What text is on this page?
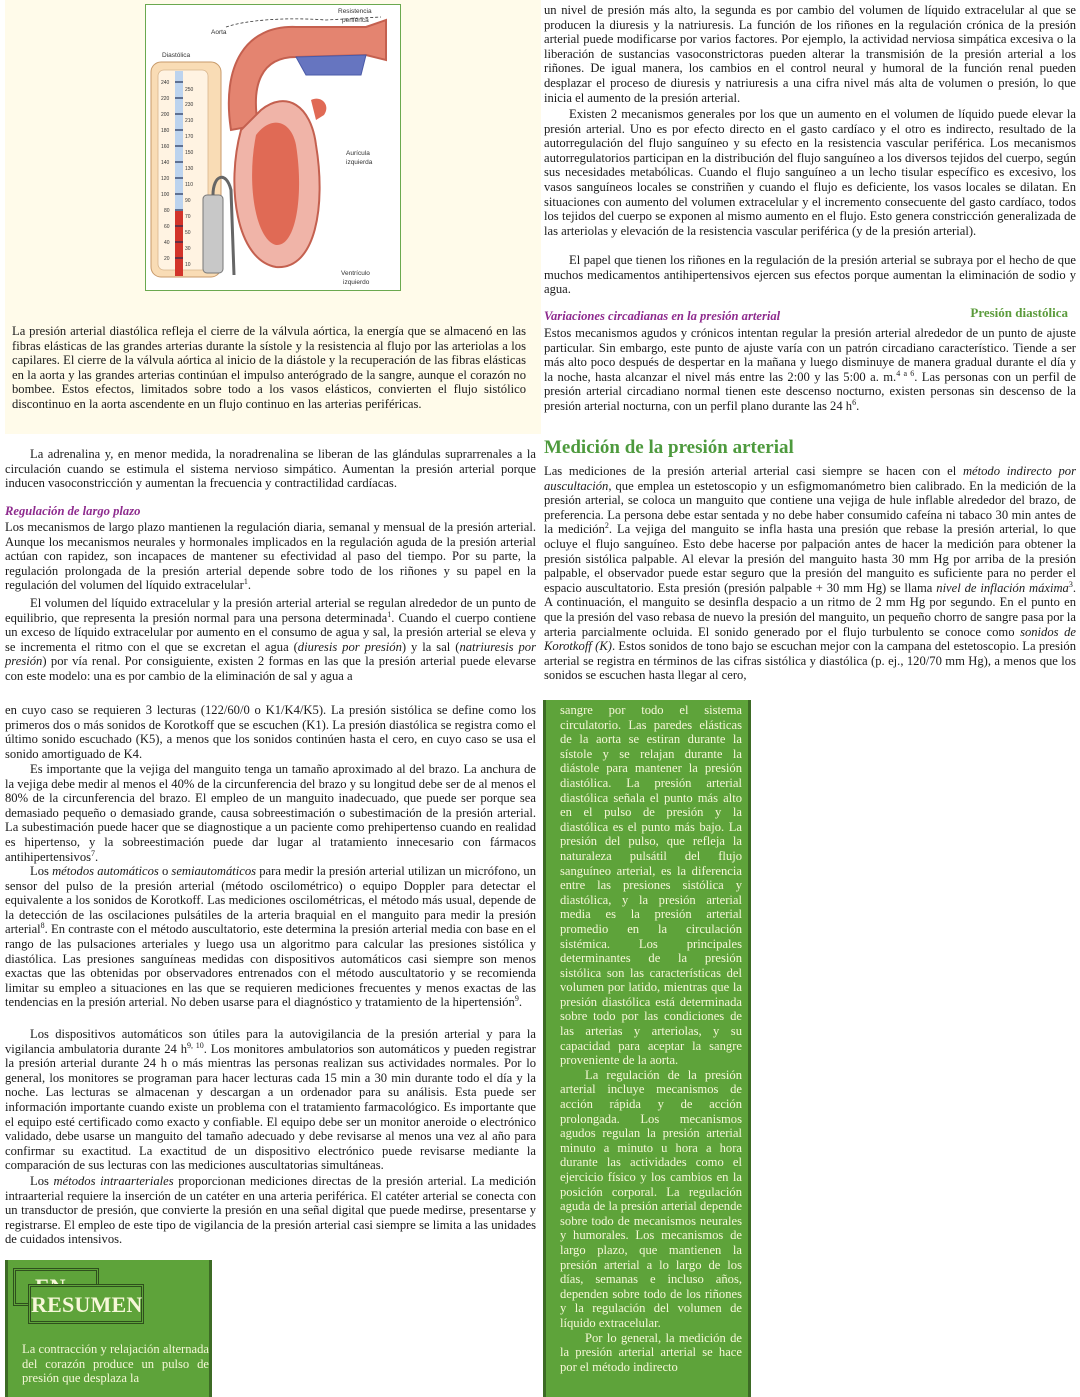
Aorta
Resistencia
periférica
Diastólica
Aurícula
izquierda
Ventrículo
izquierdo
240
220
200
180
160
140
120
100
80
60
40
20
250
230
210
170
150
130
110
90
70
50
30
10
Presión diastólica

La presión arterial diastólica refleja el cierre de la válvula aórtica, la energía que se almacenó en las fibras elásticas de las grandes arterias durante la sístole y la resistencia al flujo por las arteriolas a los capilares. El cierre de la válvula aórtica al inicio de la diástole y la recuperación de las fibras elásticas en la aorta y las grandes arterias continúan el impulso anterógrado de la sangre, aunque el corazón no bombee. Estos efectos, limitados sobre todo a los vasos elásticos, convierten el flujo sistólico discontinuo en la aorta ascendente en un flujo continuo en las arterias periféricas.

La adrenalina y, en menor medida, la noradrenalina se liberan de las glándulas suprarrenales a la circulación cuando se estimula el sistema nervioso simpático. Aumentan la presión arterial porque inducen vasoconstricción y aumentan la frecuencia y contractilidad cardíacas.

Regulación de largo plazo

Los mecanismos de largo plazo mantienen la regulación diaria, semanal y mensual de la presión arterial. Aunque los mecanismos neurales y hormonales implicados en la regulación aguda de la presión arterial actúan con rapidez, son incapaces de mantener su efectividad al paso del tiempo. Por su parte, la regulación prolongada de la presión arterial depende sobre todo de los riñones y su papel en la regulación del volumen del líquido extracelular$^1$.

El volumen del líquido extracelular y la presión arterial arterial se regulan alrededor de un punto de equilibrio, que representa la presión normal para una persona determinada$^1$. Cuando el cuerpo contiene un exceso de líquido extracelular por aumento en el consumo de agua y sal, la presión arterial se eleva y se incrementa el ritmo con el que se excretan el agua (diuresis por presión) y la sal (natriuresis por presión) por vía renal. Por consiguiente, existen 2 formas en las que la presión arterial puede elevarse con este modelo: una es por cambio de la eliminación de sal y agua a

un nivel de presión más alto, la segunda es por cambio del volumen de líquido extracelular al que se producen la diuresis y la natriuresis. La función de los riñones en la regulación crónica de la presión arterial puede modificarse por varios factores. Por ejemplo, la actividad nerviosa simpática excesiva o la liberación de sustancias vasoconstrictoras pueden alterar la transmisión de la presión arterial a los riñones. De igual manera, los cambios en el control neural y humoral de la función renal pueden desplazar el proceso de diuresis y natriuresis a una cifra nivel más alta de volumen o presión, lo que inicia el aumento de la presión arterial.

Existen 2 mecanismos generales por los que un aumento en el volumen de líquido puede elevar la presión arterial. Uno es por efecto directo en el gasto cardíaco y el otro es indirecto, resultado de la autorregulación del flujo sanguíneo y su efecto en la resistencia vascular periférica. Los mecanismos autorregulatorios participan en la distribución del flujo sanguíneo a los diversos tejidos del cuerpo, según sus necesidades metabólicas. Cuando el flujo sanguíneo a un lecho tisular específico es excesivo, los vasos sanguíneos locales se constriñen y cuando el flujo es deficiente, los vasos locales se dilatan. En situaciones con aumento del volumen extracelular y el incremento consecuente del gasto cardíaco, todos los tejidos del cuerpo se exponen al mismo aumento en el flujo. Esto genera constricción generalizada de las arteriolas y elevación de la resistencia vascular periférica (y de la presión arterial).

El papel que tienen los riñones en la regulación de la presión arterial se subraya por el hecho de que muchos medicamentos antihipertensivos ejercen sus efectos porque aumentan la eliminación de sodio y agua.

Variaciones circadianas en la presión arterial

Estos mecanismos agudos y crónicos intentan regular la presión arterial alrededor de un punto de ajuste particular. Sin embargo, este punto de ajuste varía con un patrón circadiano característico. Tiende a ser más alto poco después de despertar en la mañana y luego disminuye de manera gradual durante el día y la noche, hasta alcanzar el nivel más entre las 2:00 y las 5:00 a. m.$^{4 a 6}$. Las personas con un perfil de presión arterial circadiano normal tienen este descenso nocturno, existen personas sin descenso de la presión arterial nocturna, con un perfil plano durante las 24 $h^6$.

Medición de la presión arterial

Las mediciones de la presión arterial arterial casi siempre se hacen con el método indirecto por auscultación, que emplea un estetoscopio y un esfigmomanómetro bien calibrado. En la medición de la presión arterial, se coloca un manguito que contiene una vejiga de hule inflable alrededor del brazo, de preferencia. La persona debe estar sentada y no debe haber consumido cafeína ni tabaco 30 min antes de la medición$^2$. La vejiga del manguito se infla hasta una presión que rebase la presión arterial, lo que ocluye el flujo sanguíneo. Esto debe hacerse por palpación antes de hacer la medición para obtener la presión sistólica palpable. Al elevar la presión del manguito hasta 30 mm Hg por arriba de la presión palpable, el observador puede estar seguro que la presión del manguito es suficiente para no perder el espacio auscultatorio. Esta presión (presión palpable + 30 mm Hg) se llama nivel de inflación máxima$^3$. A continuación, el manguito se desinfla despacio a un ritmo de 2 mm Hg por segundo. En el punto en que la presión del vaso rebasa de nuevo la presión del manguito, un pequeño chorro de sangre pasa por la arteria parcialmente ocluida. El sonido generado por el flujo turbulento se conoce como sonidos de Korotkoff (K). Estos sonidos de tono bajo se escuchan mejor con la campana del estetoscopio. La presión arterial se registra en términos de las cifras sistólica y diastólica (p. ej., 120/70 mm Hg), a menos que los sonidos se escuchen hasta llegar al cero,

en cuyo caso se requieren 3 lecturas (122/60/0 o K1/K4/K5). La presión sistólica se define como los primeros dos o más sonidos de Korotkoff que se escuchen (K1). La presión diastólica se registra como el último sonido escuchado (K5), a menos que los sonidos continúen hasta el cero, en cuyo caso se usa el sonido amortiguado de K4.

Es importante que la vejiga del manguito tenga un tamaño aproximado al del brazo. La anchura de la vejiga debe medir al menos el 40% de la circunferencia del brazo y su longitud debe ser de al menos el 80% de la circunferencia del brazo. El empleo de un manguito inadecuado, que puede ser porque sea demasiado pequeño o demasiado grande, causa sobreestimación o subestimación de la presión arterial. La subestimación puede hacer que se diagnostique a un paciente como prehipertenso cuando en realidad es hipertenso, y la sobreestimación puede dar lugar al tratamiento innecesario con fármacos antihipertensivos$^7$.

Los métodos automáticos o semiautomáticos para medir la presión arterial utilizan un micrófono, un sensor del pulso de la presión arterial (método oscilométrico) o equipo Doppler para detectar el equivalente a los sonidos de Korotkoff. Las mediciones oscilométricas, el método más usual, depende de la detección de las oscilaciones pulsátiles de la arteria braquial en el manguito para medir la presión arterial$^8$. En contraste con el método auscultatorio, este determina la presión arterial media con base en el rango de las pulsaciones arteriales y luego usa un algoritmo para calcular las presiones sistólica y diastólica. Las presiones sanguíneas medidas con dispositivos automáticos casi siempre son menos exactas que las obtenidas por observadores entrenados con el método auscultatorio y se recomienda limitar su empleo a situaciones en las que se requieren mediciones frecuentes y menos exactas de las tendencias en la presión arterial. No deben usarse para el diagnóstico y tratamiento de la hipertensión$^9$.

Los dispositivos automáticos son útiles para la autovigilancia de la presión arterial y para la vigilancia ambulatoria durante 24 $h^{9, 10}$. Los monitores ambulatorios son automáticos y pueden registrar la presión arterial durante 24 h o más mientras las personas realizan sus actividades normales. Por lo general, los monitores se programan para hacer lecturas cada 15 min a 30 min durante todo el día y la noche. Las lecturas se almacenan y descargan a un ordenador para su análisis. Esta puede ser información importante cuando existe un problema con el tratamiento farmacológico. Es importante que el equipo esté certificado como exacto y confiable. El equipo debe ser un monitor aneroide o electrónico validado, debe usarse un manguito del tamaño adecuado y debe revisarse al menos una vez al año para confirmar su exactitud. La exactitud de un dispositivo electrónico puede revisarse mediante la comparación de sus lecturas con las mediciones auscultatorias simultáneas.

Los métodos intraarteriales proporcionan mediciones directas de la presión arterial. La medición intraarterial requiere la inserción de un catéter en una arteria periférica. El catéter arterial se conecta con un transductor de presión, que convierte la presión en una señal digital que puede medirse, presentarse y registrarse. El empleo de este tipo de vigilancia de la presión arterial casi siempre se limita a las unidades de cuidados intensivos.

RESUMEN

La contracción y relajación alternada del corazón produce un pulso de presión que desplaza la

sangre por todo el sistema circulatorio. Las paredes elásticas de la aorta se estiran durante la sístole y se relajan durante la diástole para mantener la presión diastólica. La presión arterial diastólica señala el punto más alto en el pulso de presión y la diastólica es el punto más bajo. La presión del pulso, que refleja la naturaleza pulsátil del flujo sanguíneo arterial, es la diferencia entre las presiones sistólica y diastólica, y la presión arterial media es la presión arterial promedio en la circulación sistémica. Los principales determinantes de la presión sistólica son las características del volumen por latido, mientras que la presión diastólica está determinada sobre todo por las condiciones de las arterias y arteriolas, y su capacidad para aceptar la sangre proveniente de la aorta.

La regulación de la presión arterial incluye mecanismos de acción rápida y de acción prolongada. Los mecanismos agudos regulan la presión arterial minuto a minuto u hora a hora durante las actividades como el ejercicio físico y los cambios en la posición corporal. La regulación aguda de la presión arterial depende sobre todo de mecanismos neurales y humorales. Los mecanismos de largo plazo, que mantienen la presión arterial a lo largo de los días, semanas e incluso años, dependen sobre todo de los riñones y la regulación del volumen de líquido extracelular.

Por lo general, la medición de la presión arterial arterial se hace por el método indirecto
